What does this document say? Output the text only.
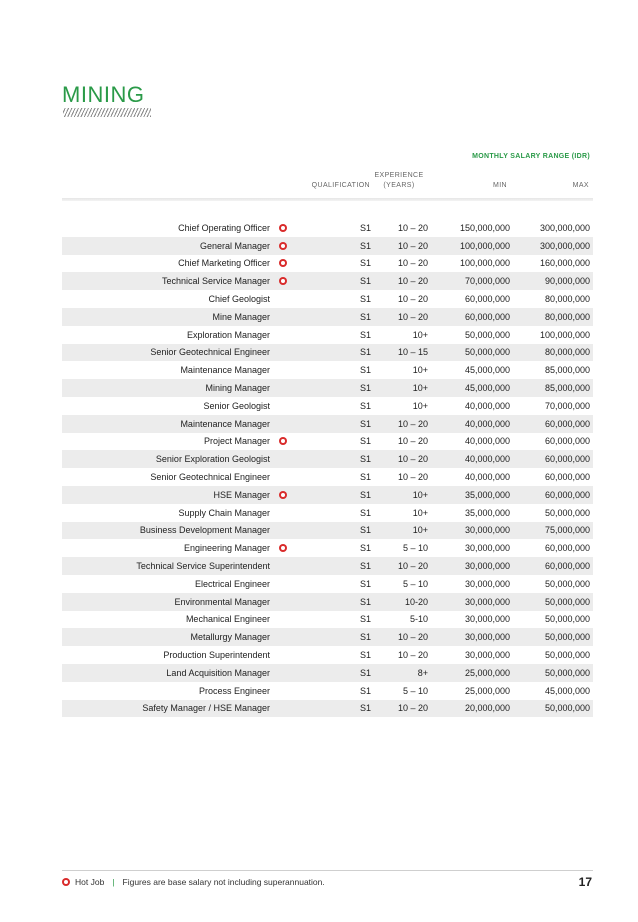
MINING
MONTHLY SALARY RANGE (IDR)
QUALIFICATION
EXPERIENCE
(YEARS)	MIN	MAX
Chief Operating Officer	S1	10 – 20	150,000,000	300,000,000
General Manager	S1	10 – 20	100,000,000	300,000,000
Chief Marketing Officer	S1	10 – 20	100,000,000	160,000,000
Technical Service Manager	S1	10 – 20	70,000,000	90,000,000
Chief Geologist	S1	10 – 20	60,000,000	80,000,000
Mine Manager	S1	10 – 20	60,000,000	80,000,000
Exploration Manager	S1	10+	50,000,000	100,000,000
Senior Geotechnical Engineer	S1	10 – 15	50,000,000	80,000,000
Maintenance Manager	S1	10+	45,000,000	85,000,000
Mining Manager	S1	10+	45,000,000	85,000,000
Senior Geologist	S1	10+	40,000,000	70,000,000
Maintenance Manager	S1	10 – 20	40,000,000	60,000,000
Project Manager	S1	10 – 20	40,000,000	60,000,000
Senior Exploration Geologist	S1	10 – 20	40,000,000	60,000,000
Senior Geotechnical Engineer	S1	10 – 20	40,000,000	60,000,000
HSE Manager	S1	10+	35,000,000	60,000,000
Supply Chain Manager	S1	10+	35,000,000	50,000,000
Business Development Manager	S1	10+	30,000,000	75,000,000
Engineering Manager	S1	5 – 10	30,000,000	60,000,000
Technical Service Superintendent	S1	10 – 20	30,000,000	60,000,000
Electrical Engineer	S1	5 – 10	30,000,000	50,000,000
Environmental Manager	S1	10-20	30,000,000	50,000,000
Mechanical Engineer	S1	5-10	30,000,000	50,000,000
Metallurgy Manager	S1	10 – 20	30,000,000	50,000,000
Production Superintendent	S1	10 – 20	30,000,000	50,000,000
Land Acquisition Manager	S1	8+	25,000,000	50,000,000
Process Engineer	S1	5 – 10	25,000,000	45,000,000
Safety Manager / HSE Manager	S1	10 – 20	20,000,000	50,000,000
Hot Job | Figures are base salary not including superannuation.	17
